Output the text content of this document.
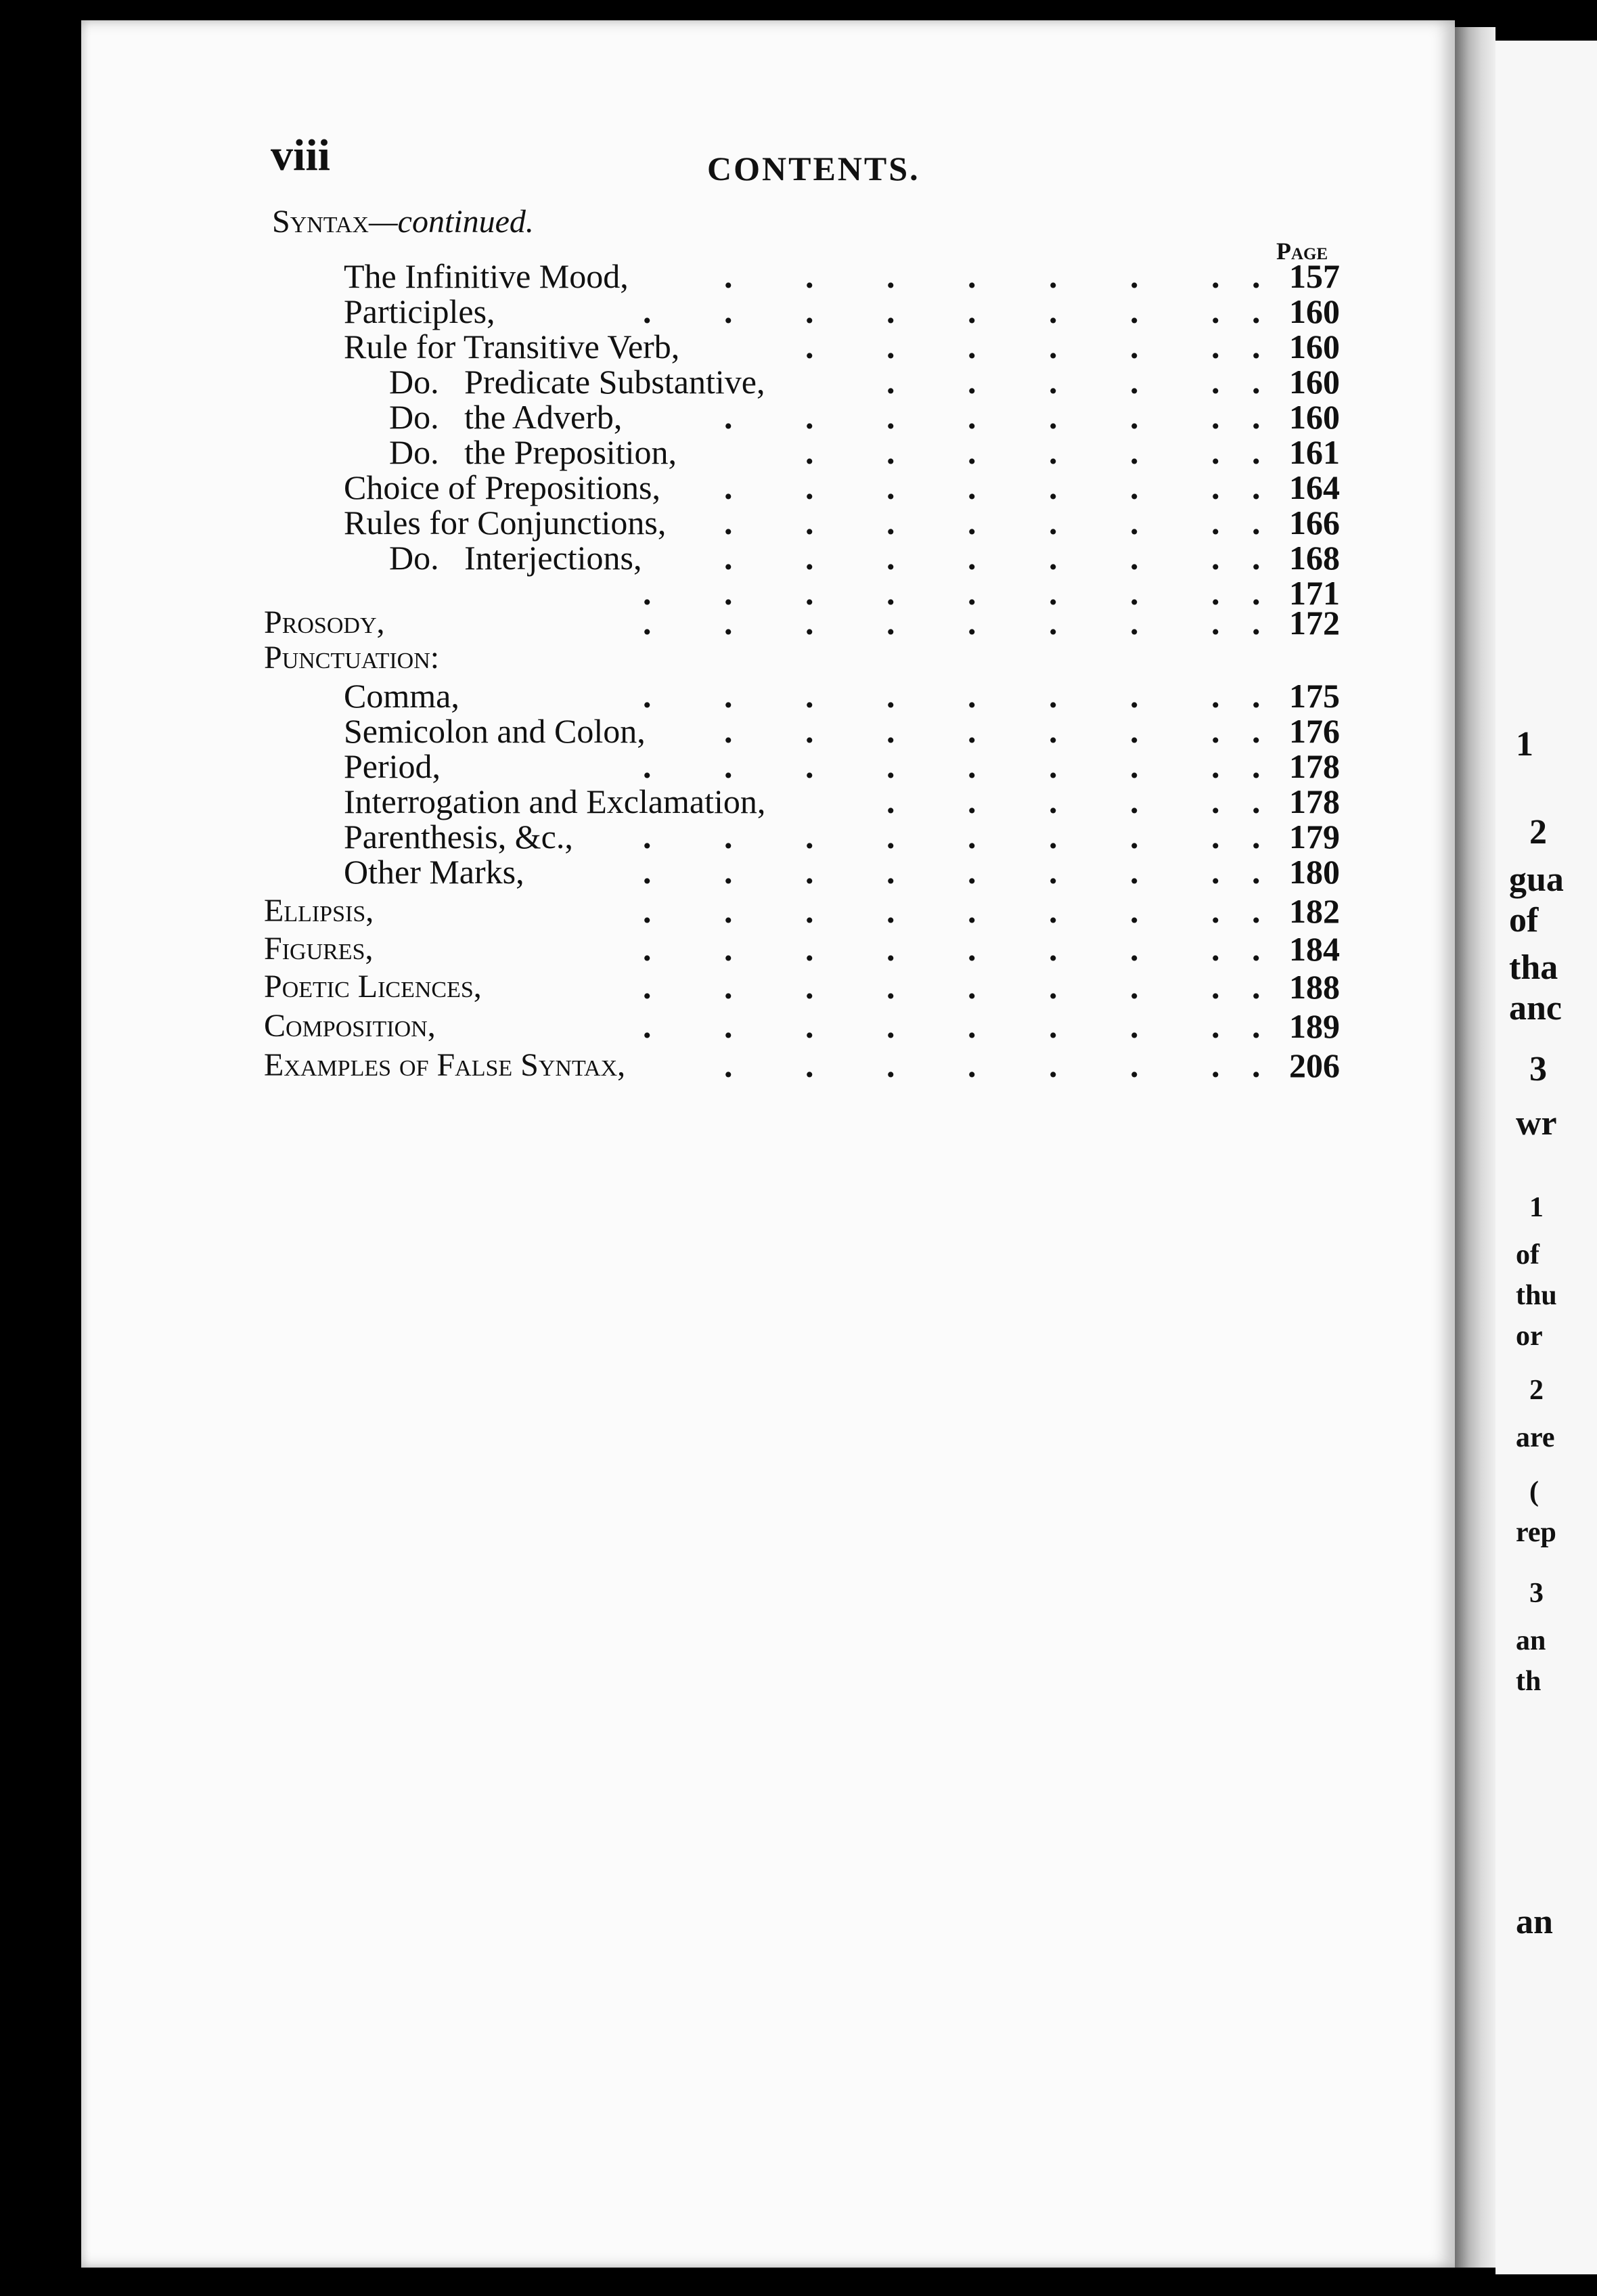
viii	CONTENTS.
Syntax—continued.
Page
The Infinitive Mood,	. . . . . . . . 157
Participles,	. . . . . . . . . 160
Rule for Transitive Verb,	. . . . . . . 160
Do.   Predicate Substantive,	. . . . . . 160
Do.   the Adverb,	. . . . . . . . 160
Do.   the Preposition,	. . . . . . . 161
Choice of Prepositions, . . . . . . . . 164
Rules for Conjunctions, . . . . . . . . 166
Do.   Interjections, . . . . . . . . 168
. . . . . . . . . 171
Prosody,	. . . . . . . . . 172
Punctuation:
Comma,	. . . . . . . . . 175
Semicolon and Colon, . . . . . . . . 176
Period,	. . . . . . . . . 178
Interrogation and Exclamation,	. . . . . . 178
Parenthesis, &c., . . . . . . . . . 179
Other Marks,	. . . . . . . . . 180
Ellipsis,	. . . . . . . . . 182
Figures,	. . . . . . . . . 184
Poetic Licences,	. . . . . . . . . 188
Composition,	. . . . . . . . . 189
Examples of False Syntax,	. . . . . . . . 206
1
2
gua
of
tha
anc
3
wr
1
of
thu
or
2
are
(
rep
3
an
th
an
